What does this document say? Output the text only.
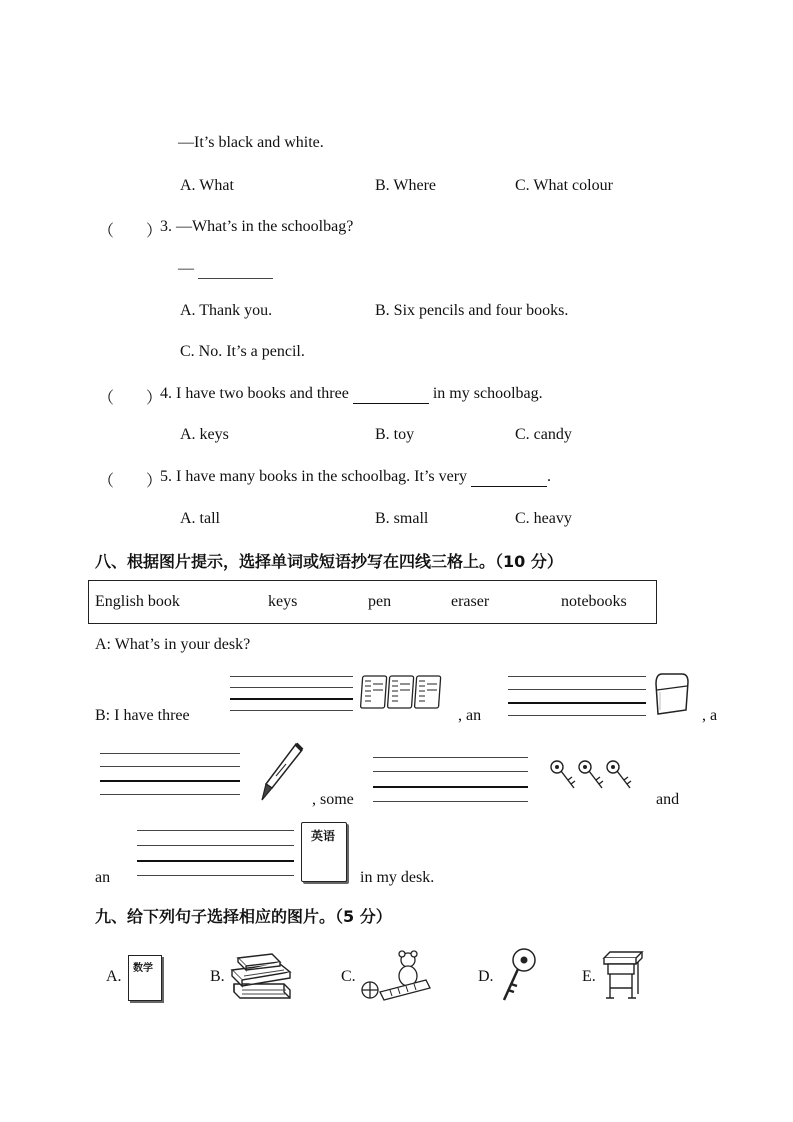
—It’s black and white.
A. What	B. Where	C. What colour
（　　）
3. —What’s in the schoolbag?
—
A. Thank you.	B. Six pencils and four books.
C. No. It’s a pencil.
（　　）
4. I have two books and three	in my schoolbag.
A. keys	B. toy	C. candy
（　　）
5. I have many books in the schoolbag. It’s very	.
A. tall	B. small	C. heavy
八、根据图片提示，选择单词或短语抄写在四线三格上。（10 分）
English book	keys	pen	eraser	notebooks
A: What’s in your desk?
B: I have three	, an	, a
, some	and
an
英语
in my desk.
九、给下列句子选择相应的图片。（5 分）
A. 数学	B.	C.	D.	E.
